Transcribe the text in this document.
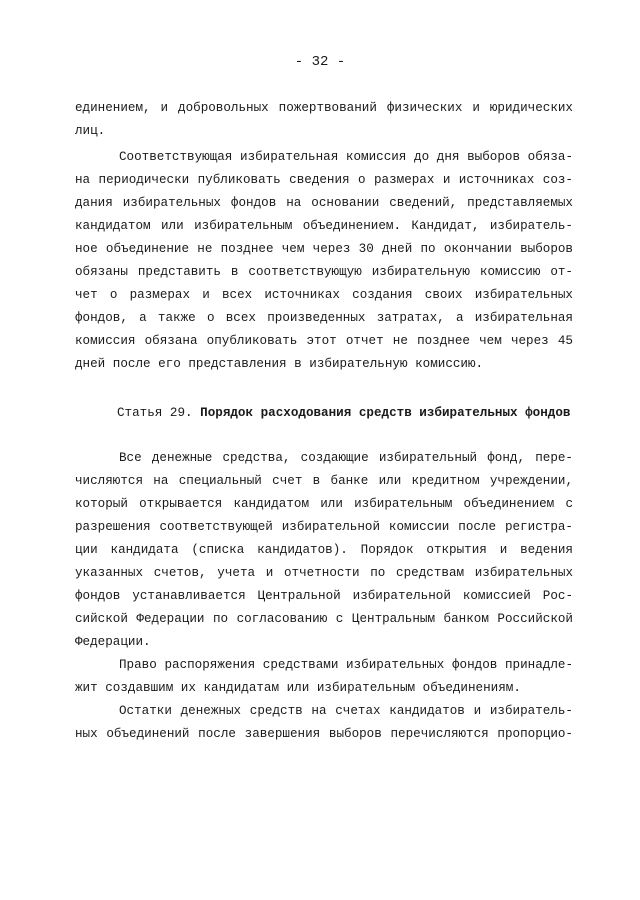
- 32 -
единением, и добровольных пожертвований физических и юридических
лиц.
Соответствующая избирательная комиссия до дня выборов обяза-
на периодически публиковать сведения о размерах и источниках соз-
дания избирательных фондов на основании сведений, представляемых
кандидатом или избирательным объединением. Кандидат, избиратель-
ное объединение не позднее чем через 30 дней по окончании выборов
обязаны представить в соответствующую избирательную комиссию от-
чет о размерах и всех источниках создания своих избирательных
фондов, а также о всех произведенных затратах, а избирательная
комиссия обязана опубликовать этот отчет не позднее чем через 45
дней после его представления в избирательную комиссию.
Статья 29. Порядок расходования средств избирательных фондов
Все денежные средства, создающие избирательный фонд, пере-
числяются на специальный счет в банке или кредитном учреждении,
который открывается кандидатом или избирательным объединением с
разрешения соответствующей избирательной комиссии после регистра-
ции кандидата (списка кандидатов). Порядок открытия и ведения
указанных счетов, учета и отчетности по средствам избирательных
фондов устанавливается Центральной избирательной комиссией Рос-
сийской Федерации по согласованию с Центральным банком Российской
Федерации.
Право распоряжения средствами избирательных фондов принадле-
жит создавшим их кандидатам или избирательным объединениям.
Остатки денежных средств на счетах кандидатов и избиратель-
ных объединений после завершения выборов перечисляются пропорцио-
